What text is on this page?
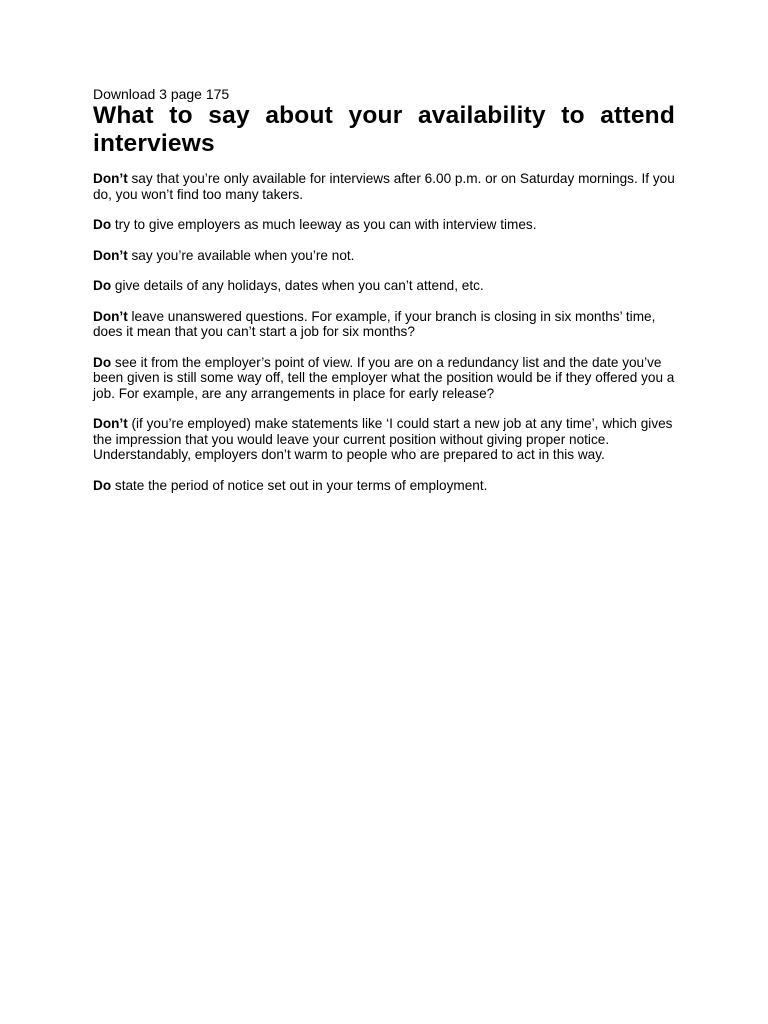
Download 3 page 175

What to say about your availability to attend interviews

Don’t say that you’re only available for interviews after 6.00 p.m. or on Saturday mornings. If you do, you won’t find too many takers.

Do try to give employers as much leeway as you can with interview times.

Don’t say you’re available when you’re not.

Do give details of any holidays, dates when you can’t attend, etc.

Don’t leave unanswered questions. For example, if your branch is closing in six months’ time, does it mean that you can’t start a job for six months?

Do see it from the employer’s point of view. If you are on a redundancy list and the date you’ve been given is still some way off, tell the employer what the position would be if they offered you a job. For example, are any arrangements in place for early release?

Don’t (if you’re employed) make statements like ‘I could start a new job at any time’, which gives the impression that you would leave your current position without giving proper notice. Understandably, employers don’t warm to people who are prepared to act in this way.

Do state the period of notice set out in your terms of employment.
